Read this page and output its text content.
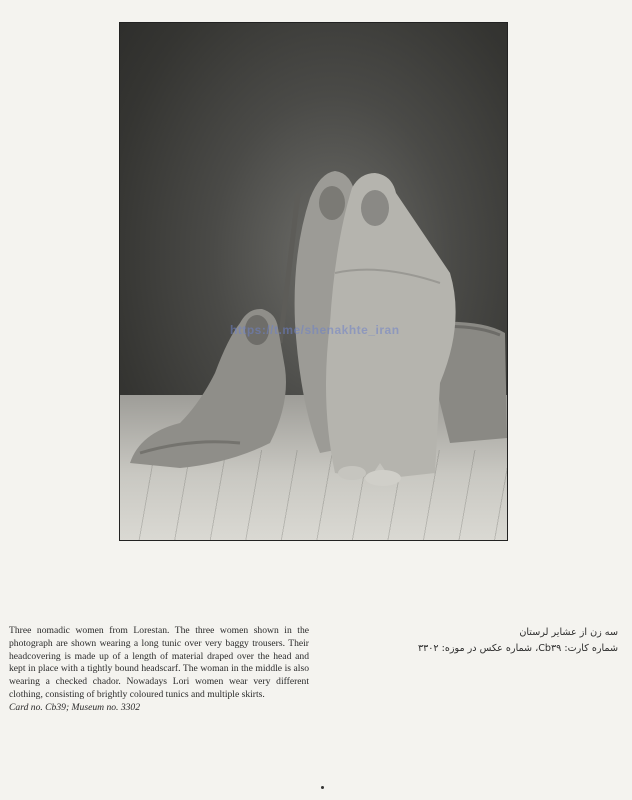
https://t.me/shenakhte_iran
Three nomadic women from Lorestan. The three women shown in the photograph are shown wearing a long tunic over very baggy trousers. Their headcovering is made up of a length of material draped over the head and kept in place with a tightly bound headscarf. The woman in the middle is also wearing a checked chador. Nowadays Lori women wear very different clothing, consisting of brightly coloured tunics and multiple skirts.
Card no. Cb39; Museum no. 3302
سه زن از عشایر لرستان
شماره کارت: Cb۳۹، شماره عکس در موزه: ۳۳۰۲
